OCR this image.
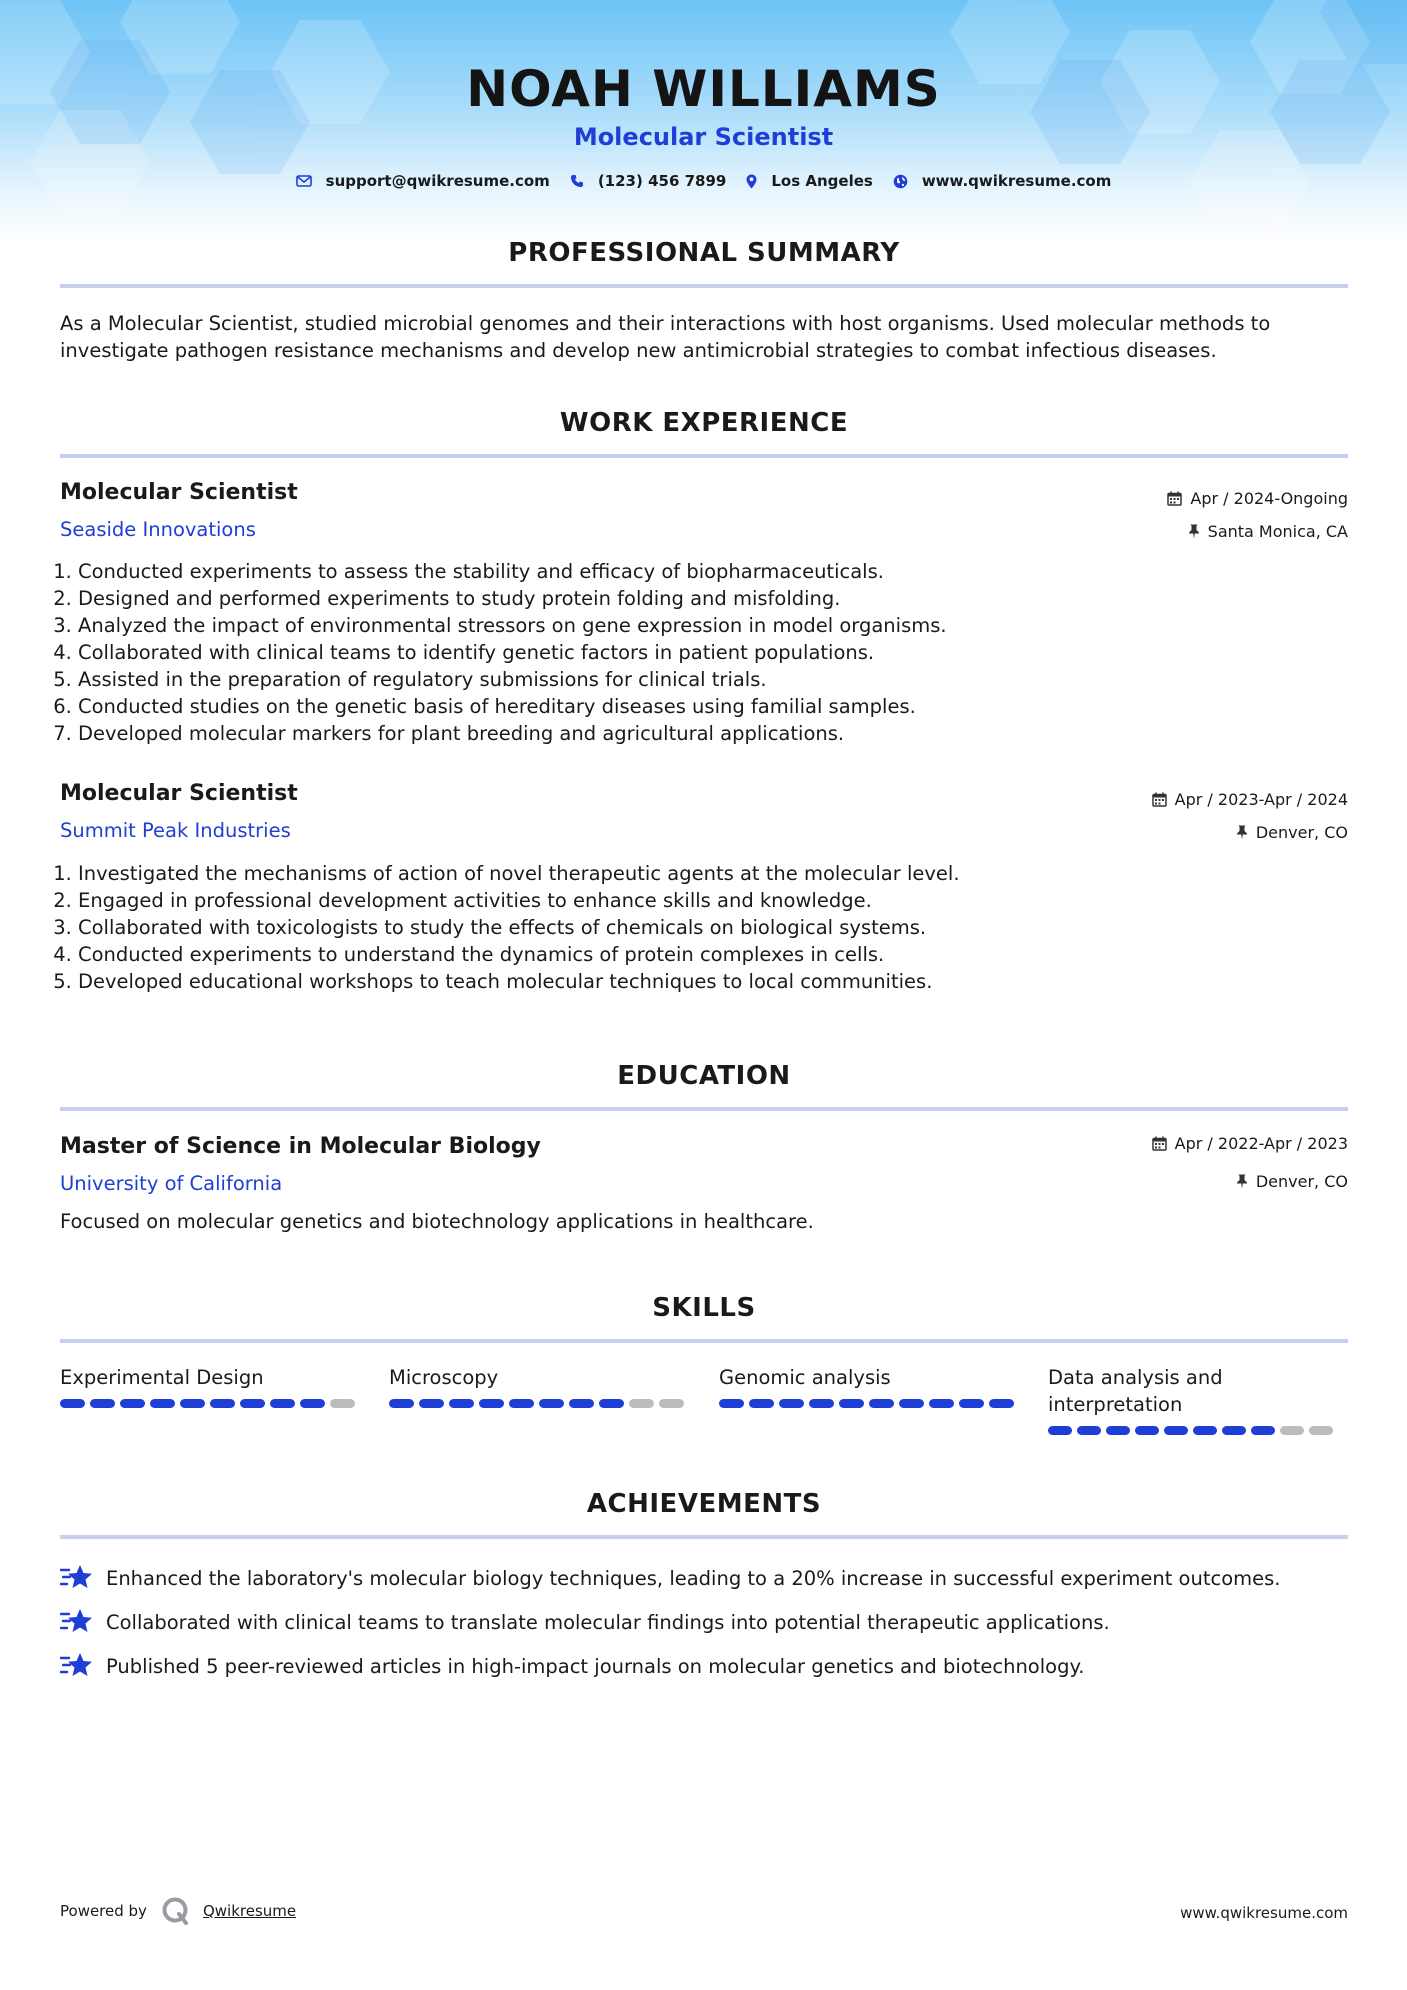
NOAH WILLIAMS
Molecular Scientist
support@qwikresume.com	(123) 456 7899	Los Angeles	www.qwikresume.com
PROFESSIONAL SUMMARY
As a Molecular Scientist, studied microbial genomes and their interactions with host organisms. Used molecular methods to investigate pathogen resistance mechanisms and develop new antimicrobial strategies to combat infectious diseases.
WORK EXPERIENCE
Molecular Scientist
Seaside Innovations
Apr / 2024-Ongoing
Santa Monica, CA
1. Conducted experiments to assess the stability and efficacy of biopharmaceuticals.
2. Designed and performed experiments to study protein folding and misfolding.
3. Analyzed the impact of environmental stressors on gene expression in model organisms.
4. Collaborated with clinical teams to identify genetic factors in patient populations.
5. Assisted in the preparation of regulatory submissions for clinical trials.
6. Conducted studies on the genetic basis of hereditary diseases using familial samples.
7. Developed molecular markers for plant breeding and agricultural applications.
Molecular Scientist
Summit Peak Industries
Apr / 2023-Apr / 2024
Denver, CO
1. Investigated the mechanisms of action of novel therapeutic agents at the molecular level.
2. Engaged in professional development activities to enhance skills and knowledge.
3. Collaborated with toxicologists to study the effects of chemicals on biological systems.
4. Conducted experiments to understand the dynamics of protein complexes in cells.
5. Developed educational workshops to teach molecular techniques to local communities.
EDUCATION
Master of Science in Molecular Biology
University of California
Apr / 2022-Apr / 2023
Denver, CO
Focused on molecular genetics and biotechnology applications in healthcare.
SKILLS
Experimental Design	Microscopy	Genomic analysis	Data analysis and interpretation
ACHIEVEMENTS
Enhanced the laboratory's molecular biology techniques, leading to a 20% increase in successful experiment outcomes.
Collaborated with clinical teams to translate molecular findings into potential therapeutic applications.
Published 5 peer-reviewed articles in high-impact journals on molecular genetics and biotechnology.
Powered by	Qwikresume	www.qwikresume.com
